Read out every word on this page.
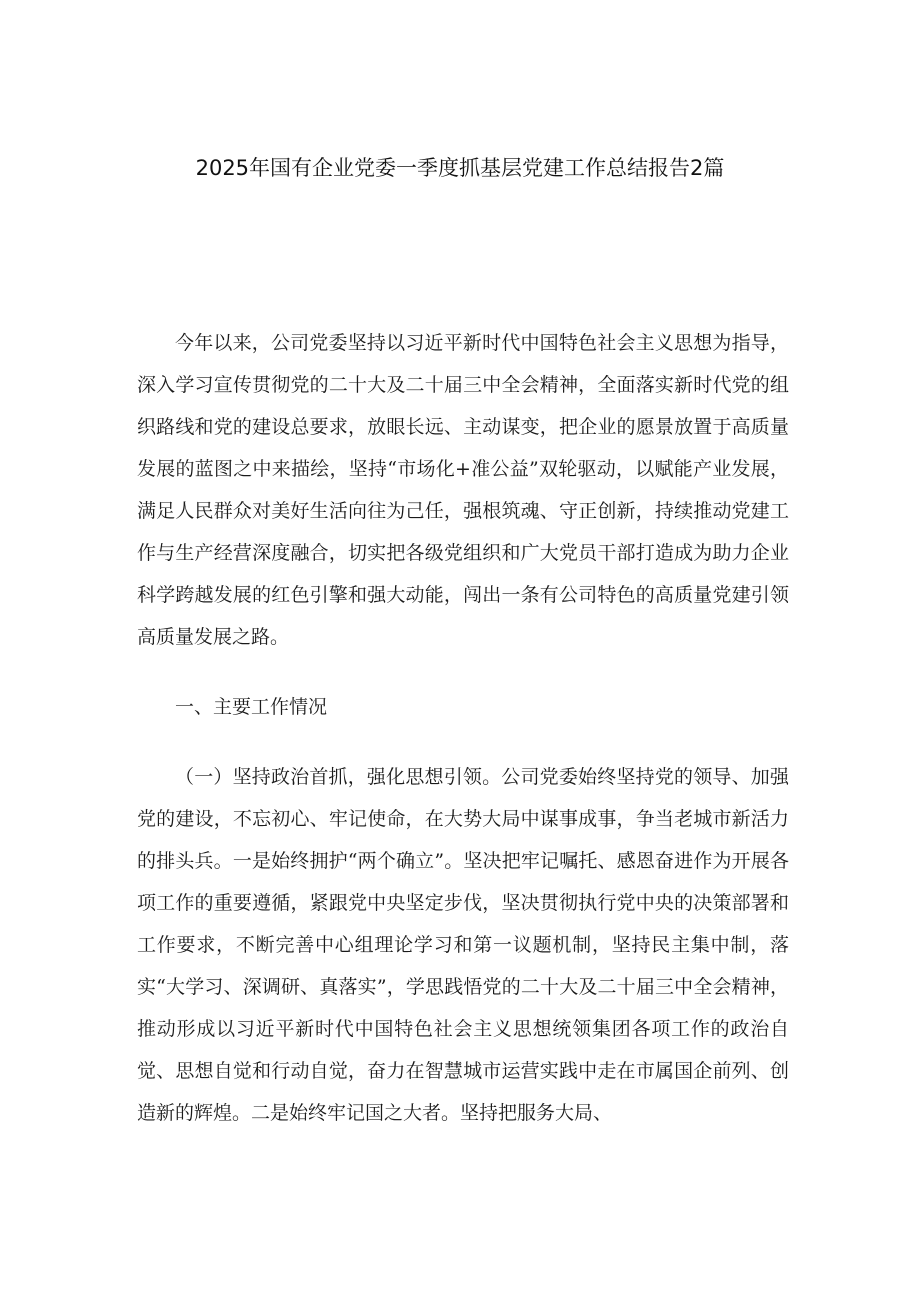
2025年国有企业党委一季度抓基层党建工作总结报告2篇

今年以来，公司党委坚持以习近平新时代中国特色社会主义思想为指导，深入学习宣传贯彻党的二十大及二十届三中全会精神，全面落实新时代党的组织路线和党的建设总要求，放眼长远、主动谋变，把企业的愿景放置于高质量发展的蓝图之中来描绘，坚持“市场化+准公益”双轮驱动，以赋能产业发展，满足人民群众对美好生活向往为己任，强根筑魂、守正创新，持续推动党建工作与生产经营深度融合，切实把各级党组织和广大党员干部打造成为助力企业科学跨越发展的红色引擎和强大动能，闯出一条有公司特色的高质量党建引领高质量发展之路。

一、主要工作情况

（一）坚持政治首抓，强化思想引领。公司党委始终坚持党的领导、加强党的建设，不忘初心、牢记使命，在大势大局中谋事成事，争当老城市新活力的排头兵。一是始终拥护“两个确立”。坚决把牢记嘱托、感恩奋进作为开展各项工作的重要遵循，紧跟党中央坚定步伐，坚决贯彻执行党中央的决策部署和工作要求，不断完善中心组理论学习和第一议题机制，坚持民主集中制，落实“大学习、深调研、真落实”，学思践悟党的二十大及二十届三中全会精神，推动形成以习近平新时代中国特色社会主义思想统领集团各项工作的政治自觉、思想自觉和行动自觉，奋力在智慧城市运营实践中走在市属国企前列、创造新的辉煌。二是始终牢记国之大者。坚持把服务大局、
